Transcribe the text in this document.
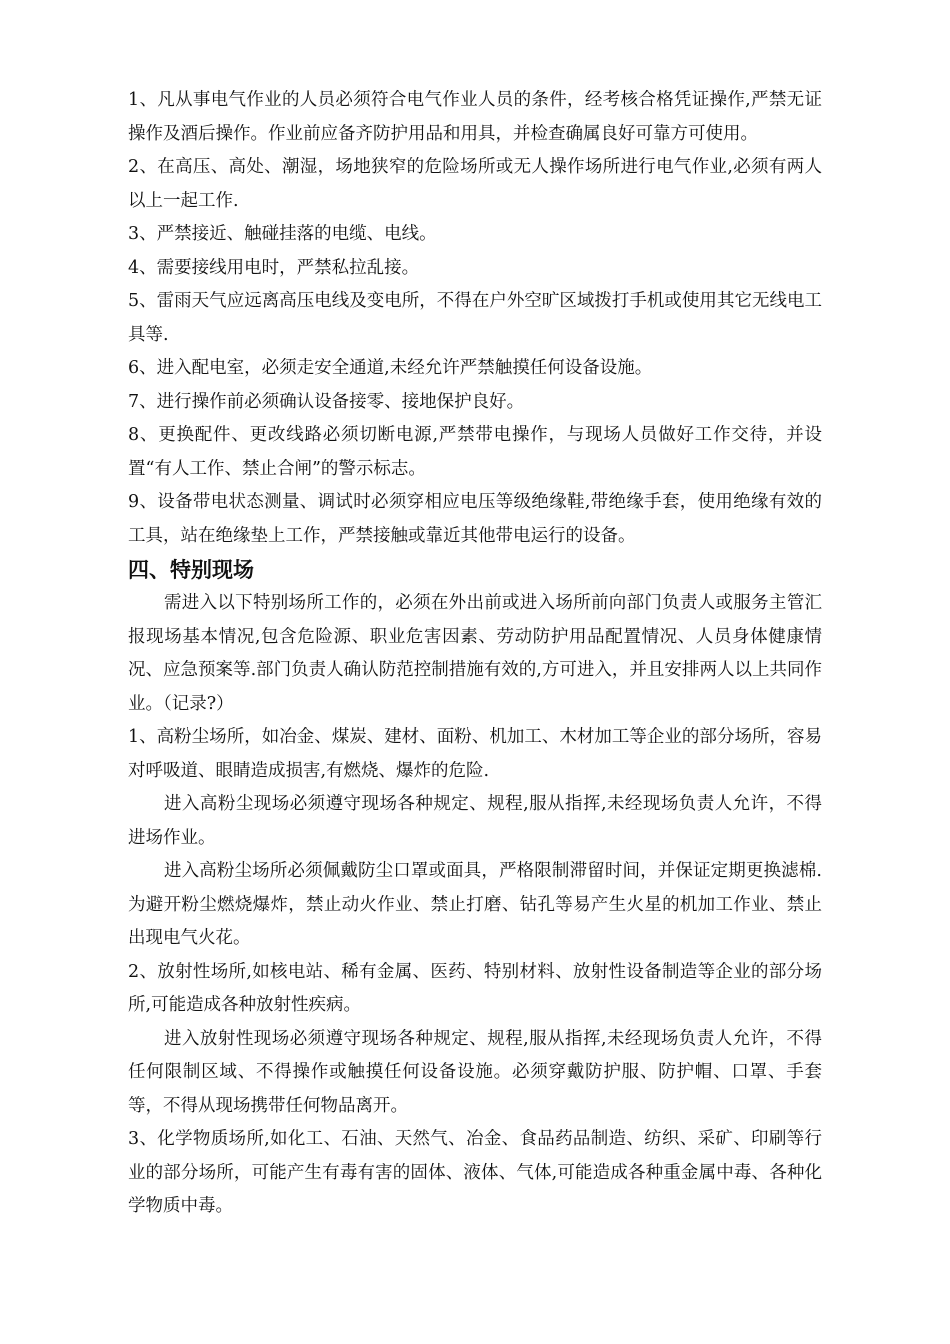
1、凡从事电气作业的人员必须符合电气作业人员的条件，经考核合格凭证操作,严禁无证操作及酒后操作。作业前应备齐防护用品和用具，并检查确属良好可靠方可使用。

2、在高压、高处、潮湿，场地狭窄的危险场所或无人操作场所进行电气作业,必须有两人以上一起工作.

3、严禁接近、触碰挂落的电缆、电线。

4、需要接线用电时，严禁私拉乱接。

5、雷雨天气应远离高压电线及变电所，不得在户外空旷区域拨打手机或使用其它无线电工具等.

6、进入配电室，必须走安全通道,未经允许严禁触摸任何设备设施。

7、进行操作前必须确认设备接零、接地保护良好。

8、更换配件、更改线路必须切断电源,严禁带电操作，与现场人员做好工作交待，并设置“有人工作、禁止合闸”的警示标志。

9、设备带电状态测量、调试时必须穿相应电压等级绝缘鞋,带绝缘手套，使用绝缘有效的工具，站在绝缘垫上工作，严禁接触或靠近其他带电运行的设备。

四、特别现场

需进入以下特别场所工作的，必须在外出前或进入场所前向部门负责人或服务主管汇报现场基本情况,包含危险源、职业危害因素、劳动防护用品配置情况、人员身体健康情况、应急预案等.部门负责人确认防范控制措施有效的,方可进入，并且安排两人以上共同作业。（记录?）

1、高粉尘场所，如冶金、煤炭、建材、面粉、机加工、木材加工等企业的部分场所，容易对呼吸道、眼睛造成损害,有燃烧、爆炸的危险.

进入高粉尘现场必须遵守现场各种规定、规程,服从指挥,未经现场负责人允许，不得进场作业。

进入高粉尘场所必须佩戴防尘口罩或面具，严格限制滞留时间，并保证定期更换滤棉.为避开粉尘燃烧爆炸，禁止动火作业、禁止打磨、钻孔等易产生火星的机加工作业、禁止出现电气火花。

2、放射性场所,如核电站、稀有金属、医药、特别材料、放射性设备制造等企业的部分场所,可能造成各种放射性疾病。

进入放射性现场必须遵守现场各种规定、规程,服从指挥,未经现场负责人允许，不得任何限制区域、不得操作或触摸任何设备设施。必须穿戴防护服、防护帽、口罩、手套等，不得从现场携带任何物品离开。

3、化学物质场所,如化工、石油、天然气、冶金、食品药品制造、纺织、采矿、印刷等行业的部分场所，可能产生有毒有害的固体、液体、气体,可能造成各种重金属中毒、各种化学物质中毒。
